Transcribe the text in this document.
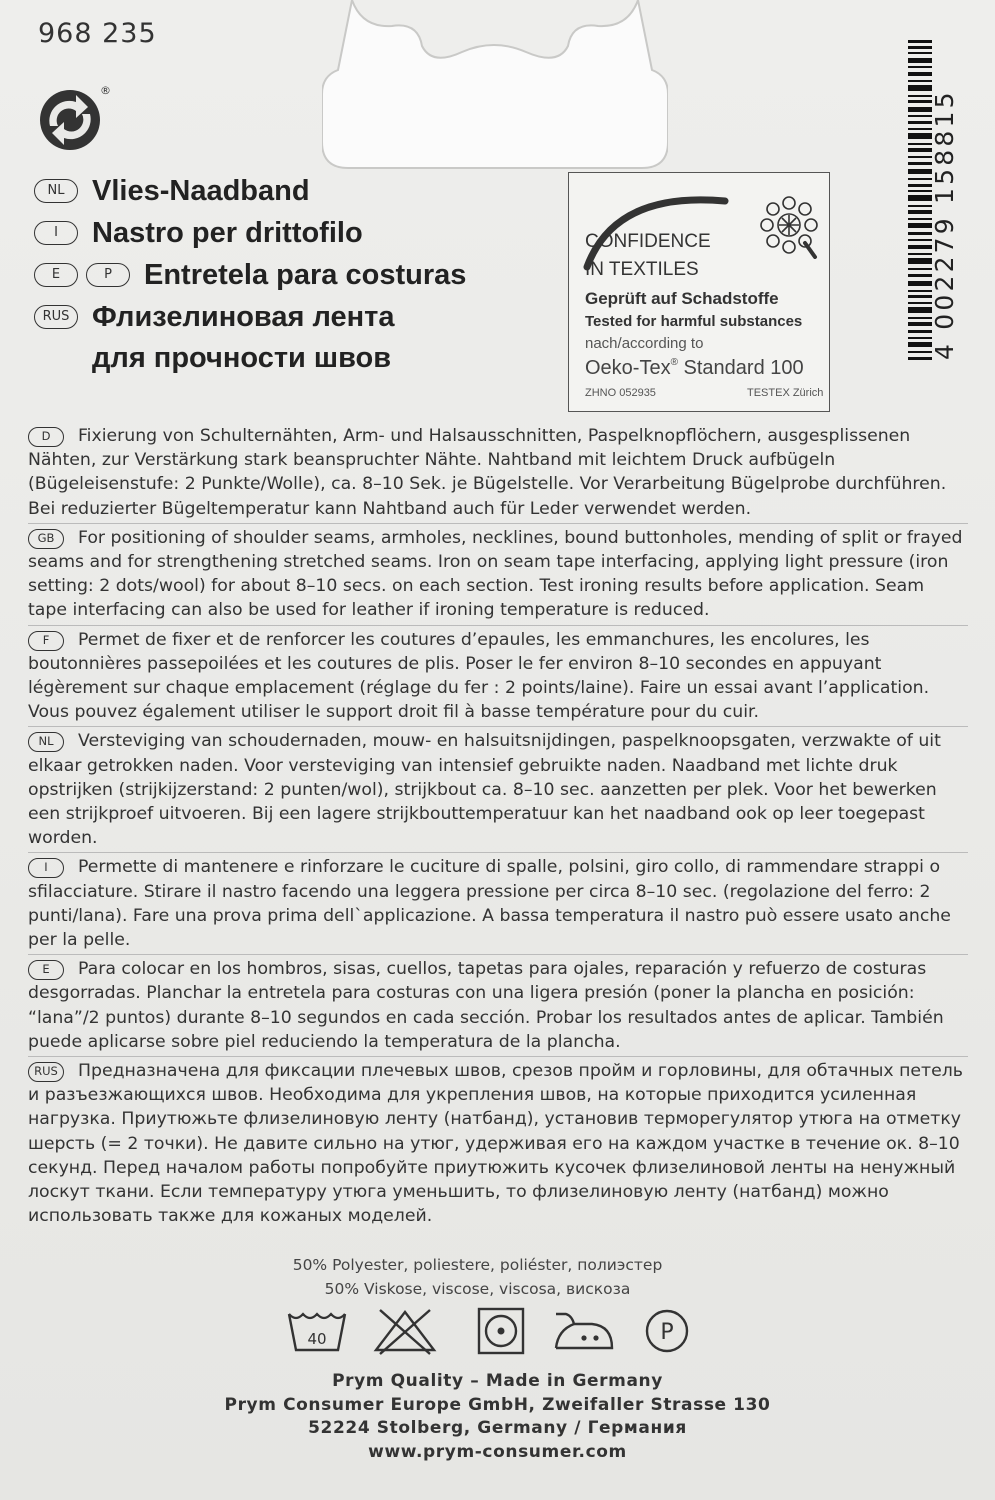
968 235
®
NL Vlies-Naadband
I	Nastro per drittofilo
E	P	Entretela para costuras
RUS Флизелиновая лента
для прочности швов
CONFIDENCE
IN TEXTILES
Geprüft auf Schadstoffe
Tested for harmful substances
nach/according to
Oeko-Tex® Standard 100
ZHNO 052935	TESTEX Zürich
4 002279 158815
D Fixierung von Schulternähten, Arm- und Halsausschnitten, Paspelknopflöchern, ausgesplissenen Nähten, zur Verstärkung stark beanspruchter Nähte. Nahtband mit leichtem Druck aufbügeln (Bügeleisenstufe: 2 Punkte/Wolle), ca. 8–10 Sek. je Bügelstelle. Vor Verarbeitung Bügelprobe durchführen. Bei reduzierter Bügeltemperatur kann Nahtband auch für Leder verwendet werden.
GB For positioning of shoulder seams, armholes, necklines, bound buttonholes, mending of split or frayed seams and for strengthening stretched seams. Iron on seam tape interfacing, applying light pressure (iron setting: 2 dots/wool) for about 8–10 secs. on each section. Test ironing results before application. Seam tape interfacing can also be used for leather if ironing temperature is reduced.
F Permet de fixer et de renforcer les coutures d’epaules, les emmanchures, les encolures, les boutonnières passepoilées et les coutures de plis. Poser le fer environ 8–10 secondes en appuyant légèrement sur chaque emplacement (réglage du fer : 2 points/laine). Faire un essai avant l’application. Vous pouvez également utiliser le support droit fil à basse température pour du cuir.
NL Versteviging van schoudernaden, mouw- en halsuitsnijdingen, paspelknoopsgaten, verzwakte of uit elkaar getrokken naden. Voor versteviging van intensief gebruikte naden. Naadband met lichte druk opstrijken (strijkijzerstand: 2 punten/wol), strijkbout ca. 8–10 sec. aanzetten per plek. Voor het bewerken een strijkproef uitvoeren. Bij een lagere strijkbouttemperatuur kan het naadband ook op leer toegepast worden.
I Permette di mantenere e rinforzare le cuciture di spalle, polsini, giro collo, di rammendare strappi o sfilacciature. Stirare il nastro facendo una leggera pressione per circa 8–10 sec. (regolazione del ferro: 2 punti/lana). Fare una prova prima dell`applicazione. A bassa temperatura il nastro può essere usato anche per la pelle.
E Para colocar en los hombros, sisas, cuellos, tapetas para ojales, reparación y refuerzo de costuras desgorradas. Planchar la entretela para costuras con una ligera presión (poner la plancha en posición: “lana”/2 puntos) durante 8–10 segundos en cada sección. Probar los resultados antes de aplicar. También puede aplicarse sobre piel reduciendo la temperatura de la plancha.
RUS Предназначена для фиксации плечевых швов, срезов пройм и горловины, для обтачных петель и разъезжающихся швов. Необходима для укрепления швов, на которые приходится усиленная нагрузка. Приутюжьте флизелиновую ленту (натбанд), установив терморегулятор утюга на отметку шерсть (= 2 точки). Не давите сильно на утюг, удерживая его на каждом участке в течение ок. 8–10 секунд. Перед началом работы попробуйте приутюжить кусочек флизелиновой ленты на ненужный лоскут ткани. Если температуру утюга уменьшить, то флизелиновую ленту (натбанд) можно использовать также для кожаных моделей.
50% Polyester, poliestere, poliéster, полиэстер
50% Viskose, viscose, viscosa, вискоза
40	P
Prym Quality – Made in Germany
Prym Consumer Europe GmbH, Zweifaller Strasse 130
52224 Stolberg, Germany / Германия
www.prym-consumer.com
